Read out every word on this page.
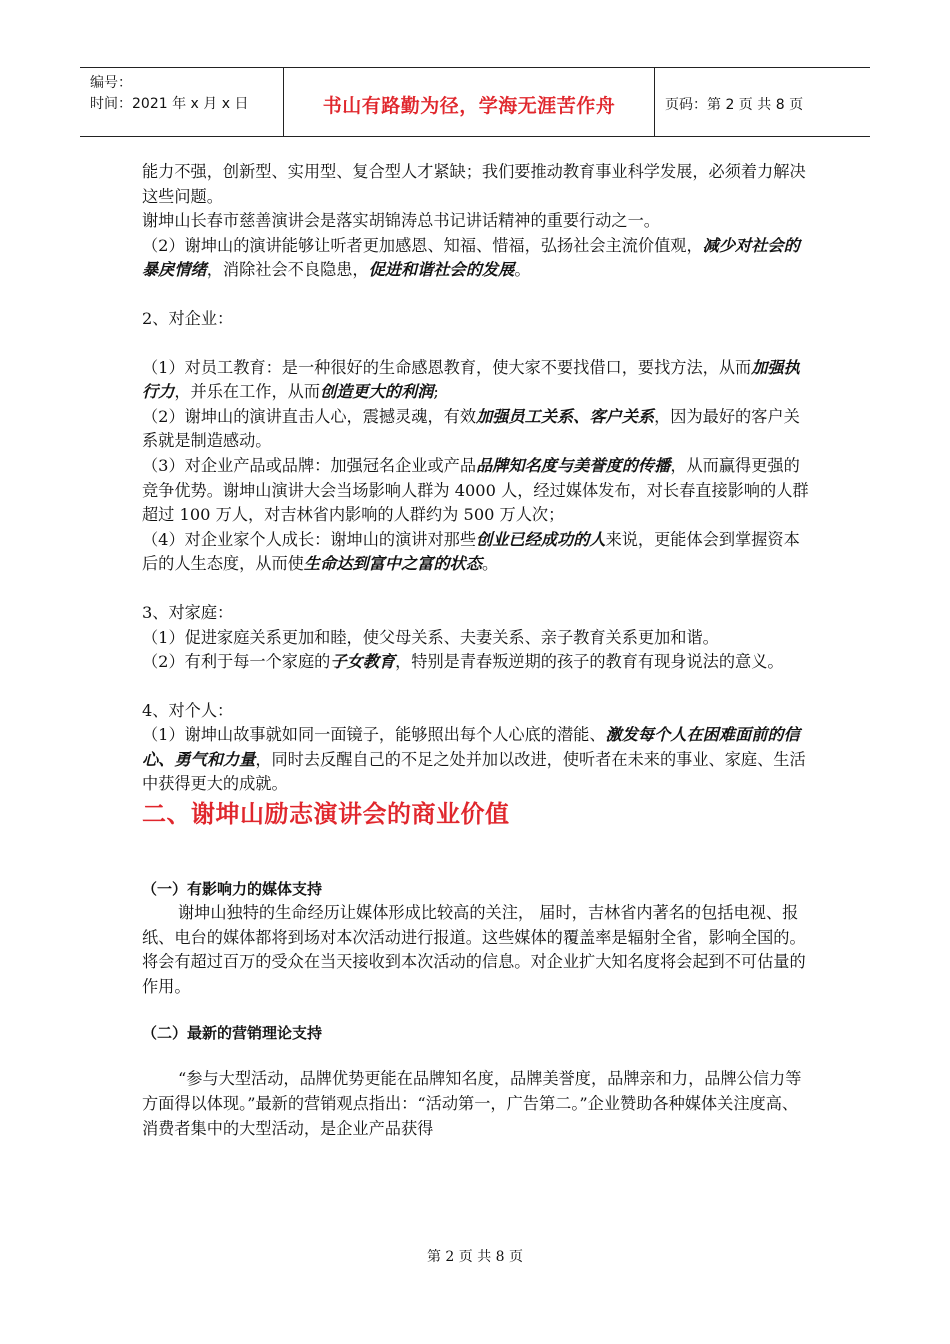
编号：
时间：2021 年 x 月 x 日	书山有路勤为径，学海无涯苦作舟	页码：第 2 页 共 8 页

能力不强，创新型、实用型、复合型人才紧缺；我们要推动教育事业科学发展，必须着力解决这些问题。

谢坤山长春市慈善演讲会是落实胡锦涛总书记讲话精神的重要行动之一。

（2）谢坤山的演讲能够让听者更加感恩、知福、惜福，弘扬社会主流价值观，减少对社会的暴戾情绪，消除社会不良隐患，促进和谐社会的发展。

2、对企业：

（1）对员工教育：是一种很好的生命感恩教育，使大家不要找借口，要找方法，从而加强执行力，并乐在工作，从而创造更大的利润;

（2）谢坤山的演讲直击人心，震撼灵魂，有效加强员工关系、客户关系，因为最好的客户关系就是制造感动。

（3）对企业产品或品牌：加强冠名企业或产品品牌知名度与美誉度的传播，从而赢得更强的竞争优势。谢坤山演讲大会当场影响人群为 4000 人，经过媒体发布，对长春直接影响的人群超过 100 万人，对吉林省内影响的人群约为 500 万人次；

（4）对企业家个人成长：谢坤山的演讲对那些创业已经成功的人来说，更能体会到掌握资本后的人生态度，从而使生命达到富中之富的状态。

3、对家庭：

（1）促进家庭关系更加和睦，使父母关系、夫妻关系、亲子教育关系更加和谐。

（2）有利于每一个家庭的子女教育，特别是青春叛逆期的孩子的教育有现身说法的意义。

4、对个人：

（1）谢坤山故事就如同一面镜子，能够照出每个人心底的潜能、激发每个人在困难面前的信心、勇气和力量，同时去反醒自己的不足之处并加以改进，使听者在未来的事业、家庭、生活中获得更大的成就。

二、谢坤山励志演讲会的商业价值

（一）有影响力的媒体支持

谢坤山独特的生命经历让媒体形成比较高的关注， 届时，吉林省内著名的包括电视、报纸、电台的媒体都将到场对本次活动进行报道。这些媒体的覆盖率是辐射全省，影响全国的。将会有超过百万的受众在当天接收到本次活动的信息。对企业扩大知名度将会起到不可估量的作用。

（二）最新的营销理论支持

“参与大型活动，品牌优势更能在品牌知名度，品牌美誉度，品牌亲和力，品牌公信力等方面得以体现。”最新的营销观点指出：“活动第一，广告第二。”企业赞助各种媒体关注度高、消费者集中的大型活动，是企业产品获得

第 2 页 共 8 页
